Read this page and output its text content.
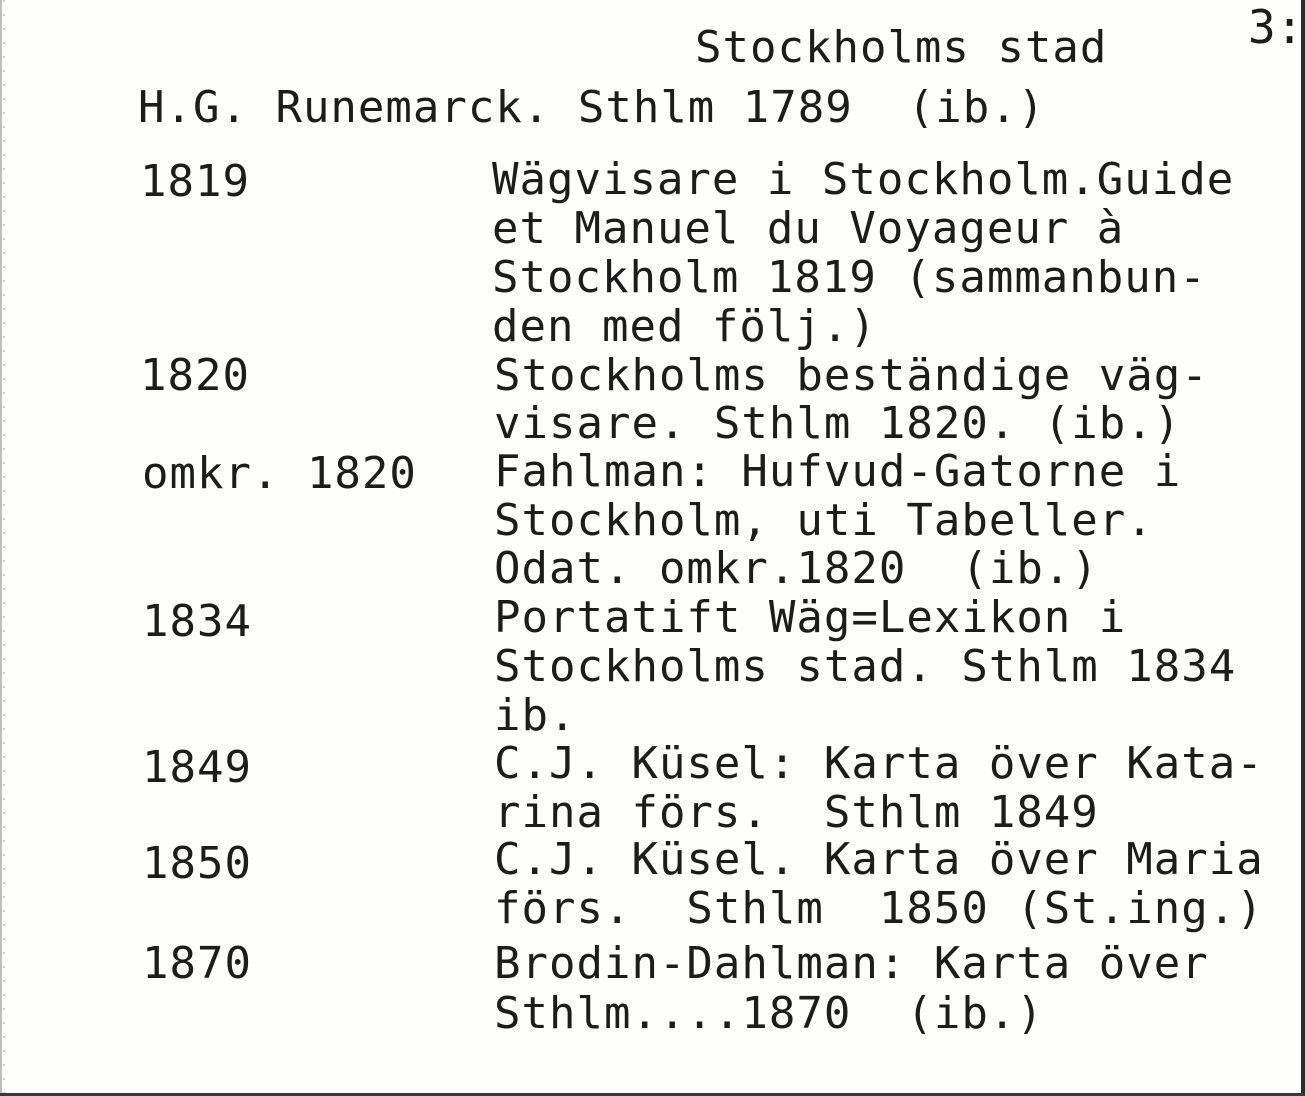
3:
Stockholms stad
H.G. Runemarck. Sthlm 1789  (ib.)
1819	Wägvisare i Stockholm.Guide
et Manuel du Voyageur à
Stockholm 1819 (sammanbun-
den med följ.)
1820	Stockholms beständige väg-
visare. Sthlm 1820. (ib.)
omkr. 1820 Fahlman: Hufvud-Gatorne i
Stockholm, uti Tabeller.
Odat. omkr.1820  (ib.)
1834	Portatift Wäg=Lexikon i
Stockholms stad. Sthlm 1834
ib.
1849	C.J. Küsel: Karta över Kata-
rina förs.  Sthlm 1849
1850	C.J. Küsel. Karta över Maria
förs.  Sthlm  1850 (St.ing.)
1870	Brodin-Dahlman: Karta över
Sthlm....1870  (ib.)
